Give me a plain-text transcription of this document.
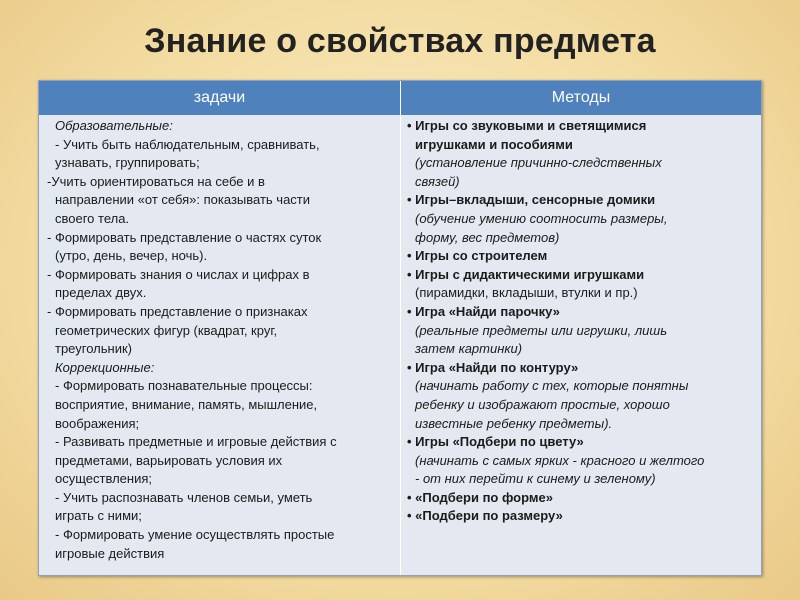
Знание о свойствах предмета
задачи	Методы
Образовательные:
- Учить быть наблюдательным, сравнивать,
узнавать, группировать;
-Учить ориентироваться на себе и в
направлении «от себя»: показывать части
своего тела.
- Формировать представление о частях суток
(утро, день, вечер, ночь).
- Формировать знания о числах и цифрах в
пределах двух.
- Формировать представление о признаках
геометрических фигур (квадрат, круг,
треугольник)
Коррекционные:
- Формировать познавательные процессы:
восприятие, внимание, память, мышление,
воображения;
- Развивать предметные и игровые действия с
предметами, варьировать условия их
осуществления;
- Учить распознавать членов семьи, уметь
играть с ними;
- Формировать умение осуществлять простые
игровые действия
• Игры со звуковыми и светящимися
игрушками и пособиями
(установление причинно-следственных
связей)
• Игры–вкладыши, сенсорные домики
(обучение умению соотносить размеры,
форму, вес предметов)
• Игры со строителем
• Игры с дидактическими игрушками
(пирамидки, вкладыши, втулки и пр.)
• Игра «Найди парочку»
(реальные предметы или игрушки, лишь
затем картинки)
• Игра «Найди по контуру»
(начинать работу с тех, которые понятны
ребенку и изображают простые, хорошо
известные ребенку предметы).
• Игры «Подбери по цвету»
(начинать с самых ярких - красного и желтого
- от них перейти к синему и зеленому)
• «Подбери по форме»
• «Подбери по размеру»
